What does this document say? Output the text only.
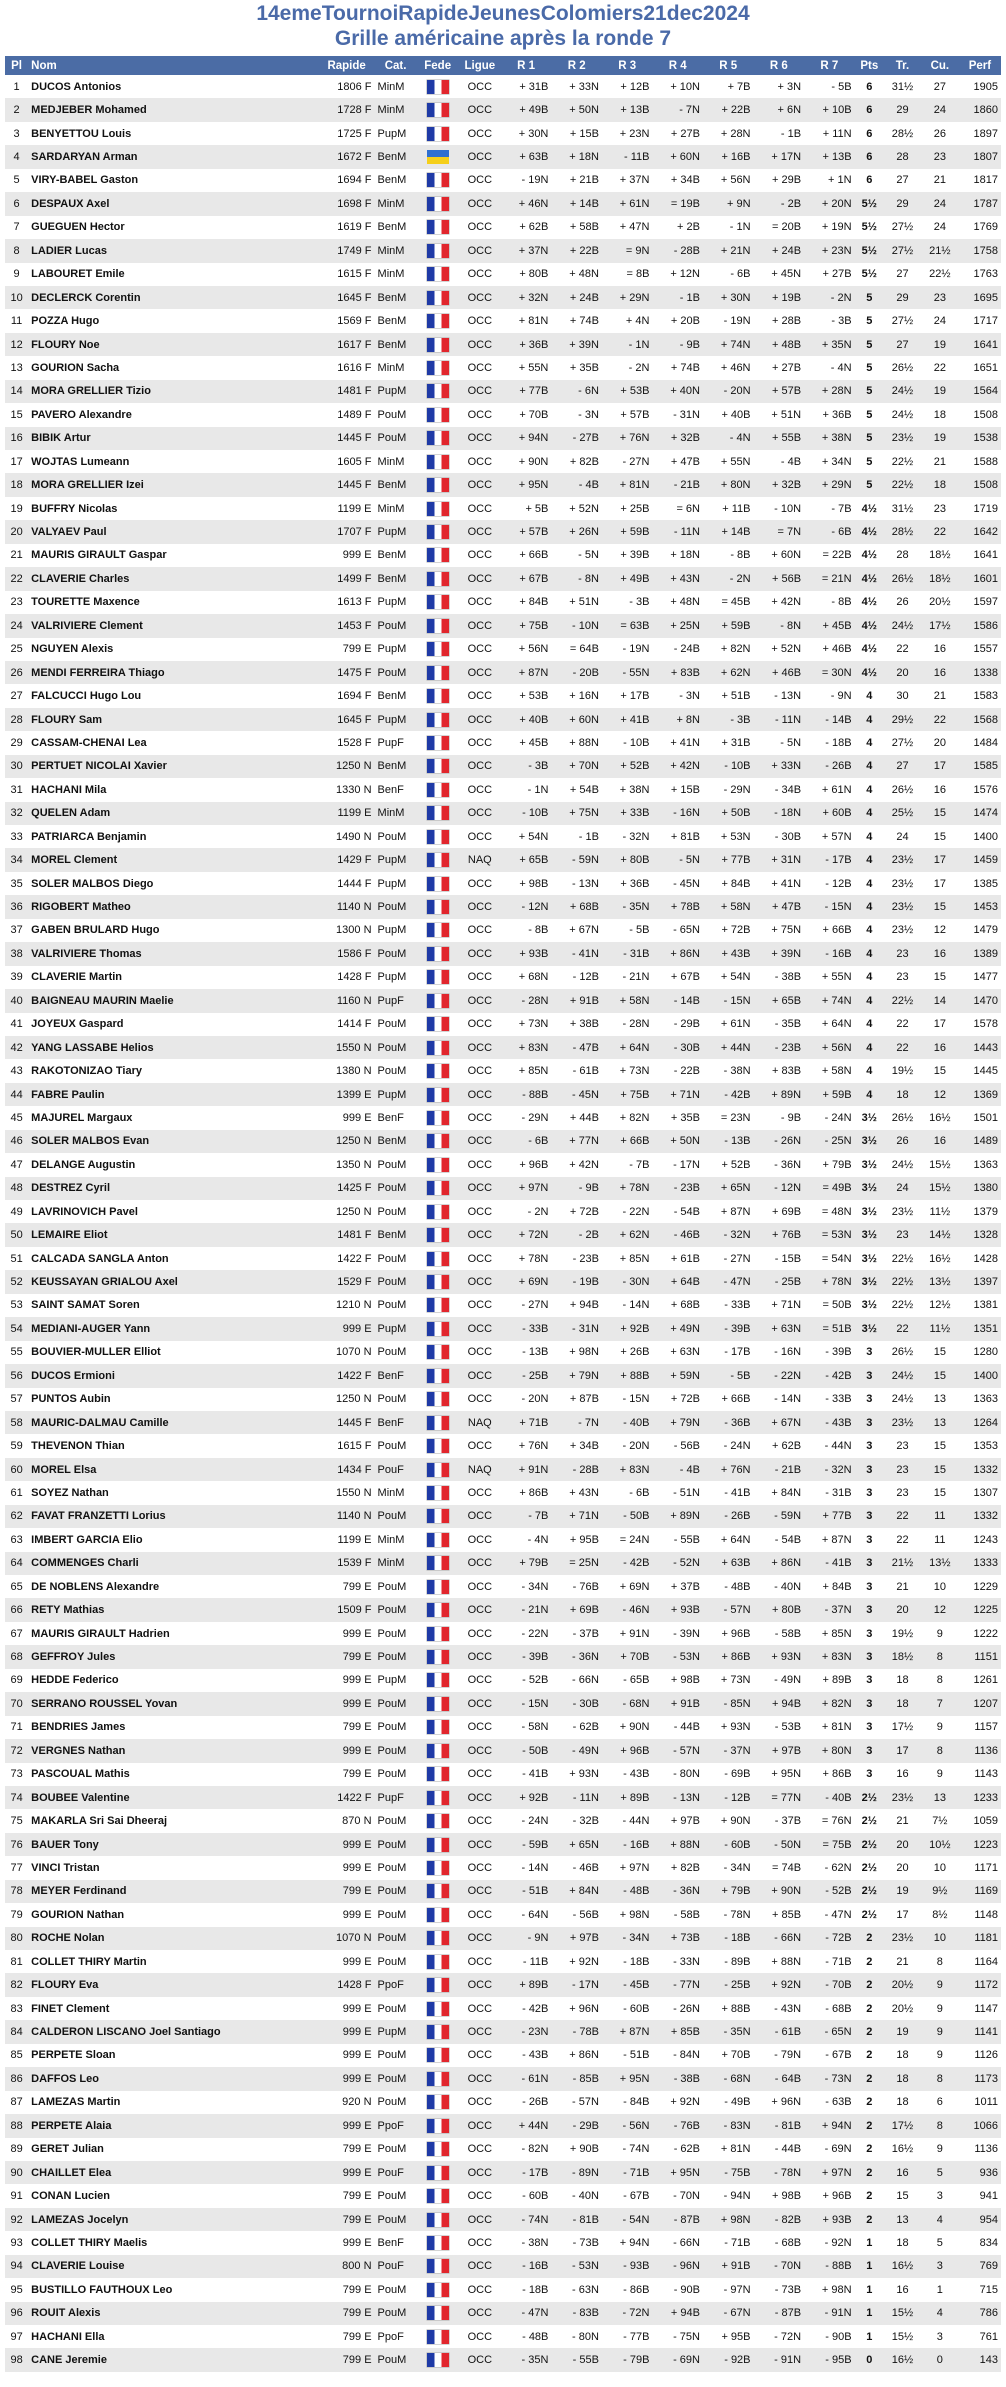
14emeTournoiRapideJeunesColomiers21dec2024
Grille américaine après la ronde 7
Pl	Nom	Rapide	Cat.	Fede	Ligue	R 1	R 2	R 3	R 4	R 5	R 6	R 7	Pts	Tr.	Cu.	Perf
1	DUCOS Antonios	1806 F	MinM		OCC	+ 31B	+ 33N	+ 12B	+ 10N	+ 7B	+ 3N	- 5B	6	31½	27	1905
2	MEDJEBER Mohamed	1728 F	MinM		OCC	+ 49B	+ 50N	+ 13B	- 7N	+ 22B	+ 6N	+ 10B	6	29	24	1860
3	BENYETTOU Louis	1725 F	PupM		OCC	+ 30N	+ 15B	+ 23N	+ 27B	+ 28N	- 1B	+ 11N	6	28½	26	1897
4	SARDARYAN Arman	1672 F	BenM		OCC	+ 63B	+ 18N	- 11B	+ 60N	+ 16B	+ 17N	+ 13B	6	28	23	1807
5	VIRY-BABEL Gaston	1694 F	BenM		OCC	- 19N	+ 21B	+ 37N	+ 34B	+ 56N	+ 29B	+ 1N	6	27	21	1817
6	DESPAUX Axel	1698 F	MinM		OCC	+ 46N	+ 14B	+ 61N	= 19B	+ 9N	- 2B	+ 20N	5½	29	24	1787
7	GUEGUEN Hector	1619 F	BenM		OCC	+ 62B	+ 58B	+ 47N	+ 2B	- 1N	= 20B	+ 19N	5½	27½	24	1769
8	LADIER Lucas	1749 F	MinM		OCC	+ 37N	+ 22B	= 9N	- 28B	+ 21N	+ 24B	+ 23N	5½	27½	21½	1758
9	LABOURET Emile	1615 F	MinM		OCC	+ 80B	+ 48N	= 8B	+ 12N	- 6B	+ 45N	+ 27B	5½	27	22½	1763
10	DECLERCK Corentin	1645 F	BenM		OCC	+ 32N	+ 24B	+ 29N	- 1B	+ 30N	+ 19B	- 2N	5	29	23	1695
11	POZZA Hugo	1569 F	BenM		OCC	+ 81N	+ 74B	+ 4N	+ 20B	- 19N	+ 28B	- 3B	5	27½	24	1717
12	FLOURY Noe	1617 F	BenM		OCC	+ 36B	+ 39N	- 1N	- 9B	+ 74N	+ 48B	+ 35N	5	27	19	1641
13	GOURION Sacha	1616 F	MinM		OCC	+ 55N	+ 35B	- 2N	+ 74B	+ 46N	+ 27B	- 4N	5	26½	22	1651
14	MORA GRELLIER Tizio	1481 F	PupM		OCC	+ 77B	- 6N	+ 53B	+ 40N	- 20N	+ 57B	+ 28N	5	24½	19	1564
15	PAVERO Alexandre	1489 F	PouM		OCC	+ 70B	- 3N	+ 57B	- 31N	+ 40B	+ 51N	+ 36B	5	24½	18	1508
16	BIBIK Artur	1445 F	PouM		OCC	+ 94N	- 27B	+ 76N	+ 32B	- 4N	+ 55B	+ 38N	5	23½	19	1538
17	WOJTAS Lumeann	1605 F	MinM		OCC	+ 90N	+ 82B	- 27N	+ 47B	+ 55N	- 4B	+ 34N	5	22½	21	1588
18	MORA GRELLIER Izei	1445 F	BenM		OCC	+ 95N	- 4B	+ 81N	- 21B	+ 80N	+ 32B	+ 29N	5	22½	18	1508
19	BUFFRY Nicolas	1199 E	MinM		OCC	+ 5B	+ 52N	+ 25B	= 6N	+ 11B	- 10N	- 7B	4½	31½	23	1719
20	VALYAEV Paul	1707 F	PupM		OCC	+ 57B	+ 26N	+ 59B	- 11N	+ 14B	= 7N	- 6B	4½	28½	22	1642
21	MAURIS GIRAULT Gaspar	999 E	BenM		OCC	+ 66B	- 5N	+ 39B	+ 18N	- 8B	+ 60N	= 22B	4½	28	18½	1641
22	CLAVERIE Charles	1499 F	BenM		OCC	+ 67B	- 8N	+ 49B	+ 43N	- 2N	+ 56B	= 21N	4½	26½	18½	1601
23	TOURETTE Maxence	1613 F	PupM		OCC	+ 84B	+ 51N	- 3B	+ 48N	= 45B	+ 42N	- 8B	4½	26	20½	1597
24	VALRIVIERE Clement	1453 F	PouM		OCC	+ 75B	- 10N	= 63B	+ 25N	+ 59B	- 8N	+ 45B	4½	24½	17½	1586
25	NGUYEN Alexis	799 E	PupM		OCC	+ 56N	= 64B	- 19N	- 24B	+ 82N	+ 52N	+ 46B	4½	22	16	1557
26	MENDI FERREIRA Thiago	1475 F	PouM		OCC	+ 87N	- 20B	- 55N	+ 83B	+ 62N	+ 46B	= 30N	4½	20	16	1338
27	FALCUCCI Hugo Lou	1694 F	BenM		OCC	+ 53B	+ 16N	+ 17B	- 3N	+ 51B	- 13N	- 9N	4	30	21	1583
28	FLOURY Sam	1645 F	PupM		OCC	+ 40B	+ 60N	+ 41B	+ 8N	- 3B	- 11N	- 14B	4	29½	22	1568
29	CASSAM-CHENAI Lea	1528 F	PupF		OCC	+ 45B	+ 88N	- 10B	+ 41N	+ 31B	- 5N	- 18B	4	27½	20	1484
30	PERTUET NICOLAI Xavier	1250 N	BenM		OCC	- 3B	+ 70N	+ 52B	+ 42N	- 10B	+ 33N	- 26B	4	27	17	1585
31	HACHANI Mila	1330 N	BenF		OCC	- 1N	+ 54B	+ 38N	+ 15B	- 29N	- 34B	+ 61N	4	26½	16	1576
32	QUELEN Adam	1199 E	MinM		OCC	- 10B	+ 75N	+ 33B	- 16N	+ 50B	- 18N	+ 60B	4	25½	15	1474
33	PATRIARCA Benjamin	1490 N	PouM		OCC	+ 54N	- 1B	- 32N	+ 81B	+ 53N	- 30B	+ 57N	4	24	15	1400
34	MOREL Clement	1429 F	PupM		NAQ	+ 65B	- 59N	+ 80B	- 5N	+ 77B	+ 31N	- 17B	4	23½	17	1459
35	SOLER MALBOS Diego	1444 F	PupM		OCC	+ 98B	- 13N	+ 36B	- 45N	+ 84B	+ 41N	- 12B	4	23½	17	1385
36	RIGOBERT Matheo	1140 N	PouM		OCC	- 12N	+ 68B	- 35N	+ 78B	+ 58N	+ 47B	- 15N	4	23½	15	1453
37	GABEN BRULARD Hugo	1300 N	PupM		OCC	- 8B	+ 67N	- 5B	- 65N	+ 72B	+ 75N	+ 66B	4	23½	12	1479
38	VALRIVIERE Thomas	1586 F	PouM		OCC	+ 93B	- 41N	- 31B	+ 86N	+ 43B	+ 39N	- 16B	4	23	16	1389
39	CLAVERIE Martin	1428 F	PupM		OCC	+ 68N	- 12B	- 21N	+ 67B	+ 54N	- 38B	+ 55N	4	23	15	1477
40	BAIGNEAU MAURIN Maelie	1160 N	PupF		OCC	- 28N	+ 91B	+ 58N	- 14B	- 15N	+ 65B	+ 74N	4	22½	14	1470
41	JOYEUX Gaspard	1414 F	PouM		OCC	+ 73N	+ 38B	- 28N	- 29B	+ 61N	- 35B	+ 64N	4	22	17	1578
42	YANG LASSABE Helios	1550 N	PouM		OCC	+ 83N	- 47B	+ 64N	- 30B	+ 44N	- 23B	+ 56N	4	22	16	1443
43	RAKOTONIZAO Tiary	1380 N	PouM		OCC	+ 85N	- 61B	+ 73N	- 22B	- 38N	+ 83B	+ 58N	4	19½	15	1445
44	FABRE Paulin	1399 E	PupM		OCC	- 88B	- 45N	+ 75B	+ 71N	- 42B	+ 89N	+ 59B	4	18	12	1369
45	MAJUREL Margaux	999 E	BenF		OCC	- 29N	+ 44B	+ 82N	+ 35B	= 23N	- 9B	- 24N	3½	26½	16½	1501
46	SOLER MALBOS Evan	1250 N	BenM		OCC	- 6B	+ 77N	+ 66B	+ 50N	- 13B	- 26N	- 25N	3½	26	16	1489
47	DELANGE Augustin	1350 N	PouM		OCC	+ 96B	+ 42N	- 7B	- 17N	+ 52B	- 36N	+ 79B	3½	24½	15½	1363
48	DESTREZ Cyril	1425 F	PouM		OCC	+ 97N	- 9B	+ 78N	- 23B	+ 65N	- 12N	= 49B	3½	24	15½	1380
49	LAVRINOVICH Pavel	1250 N	PouM		OCC	- 2N	+ 72B	- 22N	- 54B	+ 87N	+ 69B	= 48N	3½	23½	11½	1379
50	LEMAIRE Eliot	1481 F	BenM		OCC	+ 72N	- 2B	+ 62N	- 46B	- 32N	+ 76B	= 53N	3½	23	14½	1328
51	CALCADA SANGLA Anton	1422 F	PouM		OCC	+ 78N	- 23B	+ 85N	+ 61B	- 27N	- 15B	= 54N	3½	22½	16½	1428
52	KEUSSAYAN GRIALOU Axel	1529 F	PouM		OCC	+ 69N	- 19B	- 30N	+ 64B	- 47N	- 25B	+ 78N	3½	22½	13½	1397
53	SAINT SAMAT Soren	1210 N	PouM		OCC	- 27N	+ 94B	- 14N	+ 68B	- 33B	+ 71N	= 50B	3½	22½	12½	1381
54	MEDIANI-AUGER Yann	999 E	PupM		OCC	- 33B	- 31N	+ 92B	+ 49N	- 39B	+ 63N	= 51B	3½	22	11½	1351
55	BOUVIER-MULLER Elliot	1070 N	PouM		OCC	- 13B	+ 98N	+ 26B	+ 63N	- 17B	- 16N	- 39B	3	26½	15	1280
56	DUCOS Ermioni	1422 F	BenF		OCC	- 25B	+ 79N	+ 88B	+ 59N	- 5B	- 22N	- 42B	3	24½	15	1400
57	PUNTOS Aubin	1250 N	PouM		OCC	- 20N	+ 87B	- 15N	+ 72B	+ 66B	- 14N	- 33B	3	24½	13	1363
58	MAURIC-DALMAU Camille	1445 F	BenF		NAQ	+ 71B	- 7N	- 40B	+ 79N	- 36B	+ 67N	- 43B	3	23½	13	1264
59	THEVENON Thian	1615 F	PouM		OCC	+ 76N	+ 34B	- 20N	- 56B	- 24N	+ 62B	- 44N	3	23	15	1353
60	MOREL Elsa	1434 F	PouF		NAQ	+ 91N	- 28B	+ 83N	- 4B	+ 76N	- 21B	- 32N	3	23	15	1332
61	SOYEZ Nathan	1550 N	MinM		OCC	+ 86B	+ 43N	- 6B	- 51N	- 41B	+ 84N	- 31B	3	23	15	1307
62	FAVAT FRANZETTI Lorius	1140 N	PouM		OCC	- 7B	+ 71N	- 50B	+ 89N	- 26B	- 59N	+ 77B	3	22	11	1332
63	IMBERT GARCIA Elio	1199 E	MinM		OCC	- 4N	+ 95B	= 24N	- 55B	+ 64N	- 54B	+ 87N	3	22	11	1243
64	COMMENGES Charli	1539 F	MinM		OCC	+ 79B	= 25N	- 42B	- 52N	+ 63B	+ 86N	- 41B	3	21½	13½	1333
65	DE NOBLENS Alexandre	799 E	PouM		OCC	- 34N	- 76B	+ 69N	+ 37B	- 48B	- 40N	+ 84B	3	21	10	1229
66	RETY Mathias	1509 F	PouM		OCC	- 21N	+ 69B	- 46N	+ 93B	- 57N	+ 80B	- 37N	3	20	12	1225
67	MAURIS GIRAULT Hadrien	999 E	PouM		OCC	- 22N	- 37B	+ 91N	- 39N	+ 96B	- 58B	+ 85N	3	19½	9	1222
68	GEFFROY Jules	799 E	PouM		OCC	- 39B	- 36N	+ 70B	- 53N	+ 86B	+ 93N	+ 83N	3	18½	8	1151
69	HEDDE Federico	999 E	PupM		OCC	- 52B	- 66N	- 65B	+ 98B	+ 73N	- 49N	+ 89B	3	18	8	1261
70	SERRANO ROUSSEL Yovan	999 E	PouM		OCC	- 15N	- 30B	- 68N	+ 91B	- 85N	+ 94B	+ 82N	3	18	7	1207
71	BENDRIES James	799 E	PouM		OCC	- 58N	- 62B	+ 90N	- 44B	+ 93N	- 53B	+ 81N	3	17½	9	1157
72	VERGNES Nathan	999 E	PouM		OCC	- 50B	- 49N	+ 96B	- 57N	- 37N	+ 97B	+ 80N	3	17	8	1136
73	PASCOUAL Mathis	799 E	PouM		OCC	- 41B	+ 93N	- 43B	- 80N	- 69B	+ 95N	+ 86B	3	16	9	1143
74	BOUBEE Valentine	1422 F	PupF		OCC	+ 92B	- 11N	+ 89B	- 13N	- 12B	= 77N	- 40B	2½	23½	13	1233
75	MAKARLA Sri Sai Dheeraj	870 N	PouM		OCC	- 24N	- 32B	- 44N	+ 97B	+ 90N	- 37B	= 76N	2½	21	7½	1059
76	BAUER Tony	999 E	PouM		OCC	- 59B	+ 65N	- 16B	+ 88N	- 60B	- 50N	= 75B	2½	20	10½	1223
77	VINCI Tristan	999 E	PouM		OCC	- 14N	- 46B	+ 97N	+ 82B	- 34N	= 74B	- 62N	2½	20	10	1171
78	MEYER Ferdinand	799 E	PouM		OCC	- 51B	+ 84N	- 48B	- 36N	+ 79B	+ 90N	- 52B	2½	19	9½	1169
79	GOURION Nathan	999 E	PouM		OCC	- 64N	- 56B	+ 98N	- 58B	- 78N	+ 85B	- 47N	2½	17	8½	1148
80	ROCHE Nolan	1070 N	PouM		OCC	- 9N	+ 97B	- 34N	+ 73B	- 18B	- 66N	- 72B	2	23½	10	1181
81	COLLET THIRY Martin	999 E	PouM		OCC	- 11B	+ 92N	- 18B	- 33N	- 89B	+ 88N	- 71B	2	21	8	1164
82	FLOURY Eva	1428 F	PpoF		OCC	+ 89B	- 17N	- 45B	- 77N	- 25B	+ 92N	- 70B	2	20½	9	1172
83	FINET Clement	999 E	PouM		OCC	- 42B	+ 96N	- 60B	- 26N	+ 88B	- 43N	- 68B	2	20½	9	1147
84	CALDERON LISCANO Joel Santiago	999 E	PupM		OCC	- 23N	- 78B	+ 87N	+ 85B	- 35N	- 61B	- 65N	2	19	9	1141
85	PERPETE Sloan	999 E	PouM		OCC	- 43B	+ 86N	- 51B	- 84N	+ 70B	- 79N	- 67B	2	18	9	1126
86	DAFFOS Leo	999 E	PouM		OCC	- 61N	- 85B	+ 95N	- 38B	- 68N	- 64B	- 73N	2	18	8	1173
87	LAMEZAS Martin	920 N	PouM		OCC	- 26B	- 57N	- 84B	+ 92N	- 49B	+ 96N	- 63B	2	18	6	1011
88	PERPETE Alaia	999 E	PpoF		OCC	+ 44N	- 29B	- 56N	- 76B	- 83N	- 81B	+ 94N	2	17½	8	1066
89	GERET Julian	799 E	PouM		OCC	- 82N	+ 90B	- 74N	- 62B	+ 81N	- 44B	- 69N	2	16½	9	1136
90	CHAILLET Elea	999 E	PouF		OCC	- 17B	- 89N	- 71B	+ 95N	- 75B	- 78N	+ 97N	2	16	5	936
91	CONAN Lucien	799 E	PouM		OCC	- 60B	- 40N	- 67B	- 70N	- 94N	+ 98B	+ 96B	2	15	3	941
92	LAMEZAS Jocelyn	799 E	PouM		OCC	- 74N	- 81B	- 54N	- 87B	+ 98N	- 82B	+ 93B	2	13	4	954
93	COLLET THIRY Maelis	999 E	BenF		OCC	- 38N	- 73B	+ 94N	- 66N	- 71B	- 68B	- 92N	1	18	5	834
94	CLAVERIE Louise	800 N	PouF		OCC	- 16B	- 53N	- 93B	- 96N	+ 91B	- 70N	- 88B	1	16½	3	769
95	BUSTILLO FAUTHOUX Leo	799 E	PouM		OCC	- 18B	- 63N	- 86B	- 90B	- 97N	- 73B	+ 98N	1	16	1	715
96	ROUIT Alexis	799 E	PouM		OCC	- 47N	- 83B	- 72N	+ 94B	- 67N	- 87B	- 91N	1	15½	4	786
97	HACHANI Ella	799 E	PpoF		OCC	- 48B	- 80N	- 77B	- 75N	+ 95B	- 72N	- 90B	1	15½	3	761
98	CANE Jeremie	799 E	PouM		OCC	- 35N	- 55B	- 79B	- 69N	- 92B	- 91N	- 95B	0	16½	0	143
